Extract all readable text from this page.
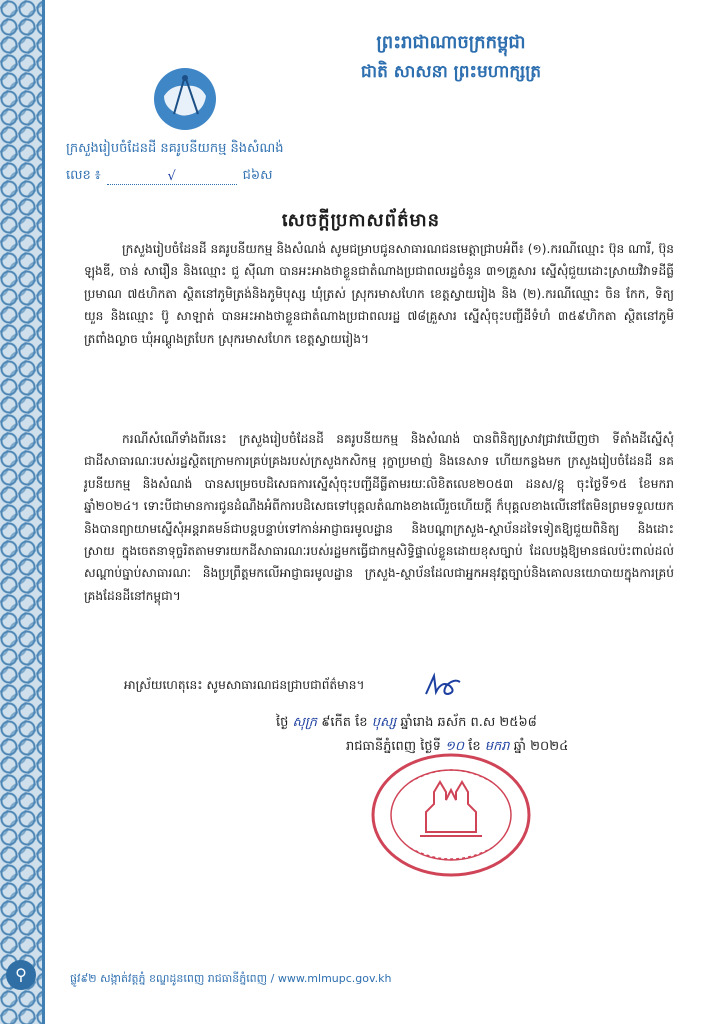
⚲
ព្រះរាជាណាចក្រកម្ពុជា
ជាតិ សាសនា ព្រះមហាក្សត្រ
ក្រសួងរៀបចំដែនដី នគរូបនីយកម្ម និងសំណង់
លេខ ៖	√	ជ៦ស
សេចក្តីប្រកាសព័ត៌មាន
ក្រសួងរៀបចំដែនដី នគរូបនីយកម្ម និងសំណង់ សូមជម្រាបជូនសាធារណជនមេត្តាជ្រាបអំពី៖ (១).ករណីឈ្មោះ ប៊ុន ណារី, ប៊ុន ឡុងឌី, ចាន់ សារឿន និងឈ្មោះ ជួ ស៊ីណា បានអះអាងថាខ្លួនជាតំណាងប្រជាពលរដ្ឋចំនួន ៣១គ្រួសារ ស្នើសុំជួយដោះស្រាយវិវាទដីធ្លីប្រមាណ ៧៥ហិកតា ស្ថិតនៅភូមិត្រង់និងភូមិបុស្ស ឃុំត្រស់ ស្រុករមាសហែក ខេត្តស្វាយរៀង និង (២).ករណីឈ្មោះ ចិន កែក, ទិត្យ យួន និងឈ្មោះ ប៊ូ សាឡាត់ បានអះអាងថាខ្លួនជាតំណាងប្រជាពលរដ្ឋ ៧៨គ្រួសារ ស្នើសុំចុះបញ្ជីដីទំហំ ៣៥៩ហិកតា ស្ថិតនៅភូមិត្រពាំងល្ងាច ឃុំអណ្តូងត្របែក ស្រុករមាសហែក ខេត្តស្វាយរៀង។
ករណីសំណើទាំងពីរនេះ ក្រសួងរៀបចំដែនដី នគរូបនីយកម្ម និងសំណង់ បានពិនិត្យស្រាវជ្រាវឃើញថា ទីតាំងដីស្នើសុំជាដីសាធារណៈរបស់រដ្ឋស្ថិតក្រោមការគ្រប់គ្រងរបស់ក្រសួងកសិកម្ម រុក្ខាប្រមាញ់ និងនេសាទ ហើយកន្លងមក ក្រសួងរៀបចំដែនដី នគរូបនីយកម្ម និងសំណង់ បានសម្រេចបដិសេធការស្នើសុំចុះបញ្ជីដីធ្លីតាមរយៈលិខិតលេខ២០៥៣ ដនស/ខ្ពុ ចុះថ្ងៃទី១៥ ខែមករា ឆ្នាំ២០២៤។ ទោះបីជាមានការជូនដំណឹងអំពីការបដិសេធទៅបុគ្គលតំណាងខាងលើរួចហើយក្តី ក៏បុគ្គលខាងលើនៅតែមិនព្រមទទួលយក និងបានព្យាយាមស្នើសុំអន្តរាគមន៍ជាបន្តបន្ទាប់ទៅកាន់អាជ្ញាធរមូលដ្ឋាន និងបណ្តាក្រសួង-ស្ថាប័នដទៃទៀតឱ្យជួយពិនិត្យ និងដោះស្រាយ ក្នុងចេតនាទុច្ចរិតតាមទារយកដីសាធារណៈរបស់រដ្ឋមកធ្វើជាកម្មសិទ្ធិផ្ទាល់ខ្លួនដោយខុសច្បាប់ ដែលបង្កឱ្យមានផលប៉ះពាល់ដល់សណ្តាប់ធ្នាប់សាធារណៈ និងប្រព្រឹត្តមកលើអាជ្ញាធរមូលដ្ឋាន ក្រសួង-ស្ថាប័នដែលជាអ្នកអនុវត្តច្បាប់និងគោលនយោបាយក្នុងការគ្រប់គ្រងដែនដីនៅកម្ពុជា។
អាស្រ័យហេតុនេះ សូមសាធារណជនជ្រាបជាព័ត៌មាន។
ថ្ងៃ សុក្រ ៩កើត ខែ បុស្ស ឆ្នាំរោង ឆស័ក ព.ស ២៥៦៨
រាជធានីភ្នំពេញ ថ្ងៃទី ១០ ខែ មករា ឆ្នាំ ២០២៤
ផ្លូវ៩២ សង្កាត់វត្តភ្នំ ខណ្ឌដូនពេញ រាជធានីភ្នំពេញ / www.mlmupc.gov.kh
